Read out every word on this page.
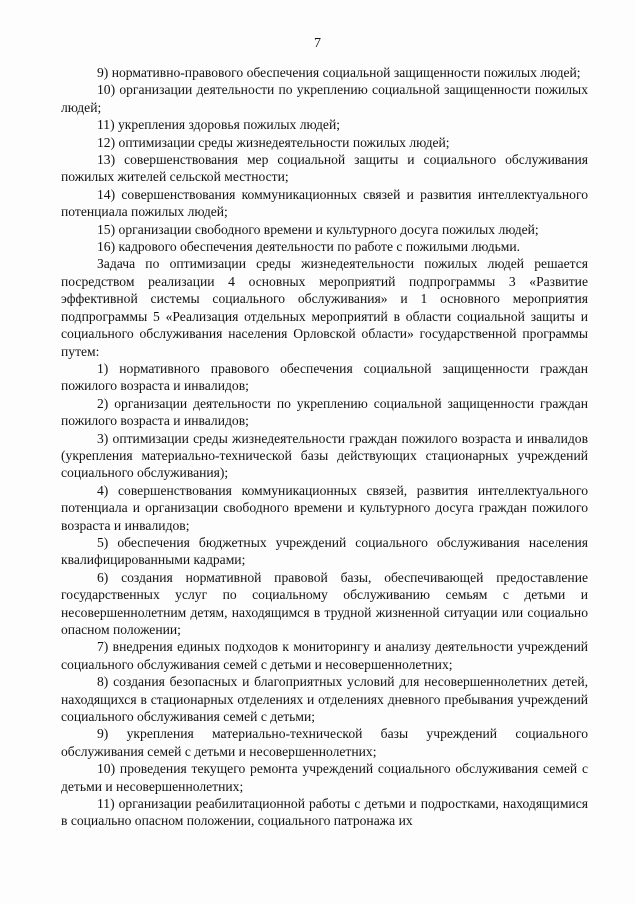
7

9) нормативно-правового обеспечения социальной защищенности пожилых людей;

10) организации деятельности по укреплению социальной защищенности пожилых людей;

11) укрепления здоровья пожилых людей;

12) оптимизации среды жизнедеятельности пожилых людей;

13) совершенствования мер социальной защиты и социального обслуживания пожилых жителей сельской местности;

14) совершенствования коммуникационных связей и развития интеллектуального потенциала пожилых людей;

15) организации свободного времени и культурного досуга пожилых людей;

16) кадрового обеспечения деятельности по работе с пожилыми людьми.

Задача по оптимизации среды жизнедеятельности пожилых людей решается посредством реализации 4 основных мероприятий подпрограммы 3 «Развитие эффективной системы социального обслуживания» и 1 основного мероприятия подпрограммы 5 «Реализация отдельных мероприятий в области социальной защиты и социального обслуживания населения Орловской области» государственной программы путем:

1) нормативного правового обеспечения социальной защищенности граждан пожилого возраста и инвалидов;

2) организации деятельности по укреплению социальной защищенности граждан пожилого возраста и инвалидов;

3) оптимизации среды жизнедеятельности граждан пожилого возраста и инвалидов (укрепления материально-технической базы действующих стационарных учреждений социального обслуживания);

4) совершенствования коммуникационных связей, развития интеллектуального потенциала и организации свободного времени и культурного досуга граждан пожилого возраста и инвалидов;

5) обеспечения бюджетных учреждений социального обслуживания населения квалифицированными кадрами;

6) создания нормативной правовой базы, обеспечивающей предоставление государственных услуг по социальному обслуживанию семьям с детьми и несовершеннолетним детям, находящимся в трудной жизненной ситуации или социально опасном положении;

7) внедрения единых подходов к мониторингу и анализу деятельности учреждений социального обслуживания семей с детьми и несовершеннолетних;

8) создания безопасных и благоприятных условий для несовершеннолетних детей, находящихся в стационарных отделениях и отделениях дневного пребывания учреждений социального обслуживания семей с детьми;

9) укрепления материально-технической базы учреждений социального обслуживания семей с детьми и несовершеннолетних;

10) проведения текущего ремонта учреждений социального обслуживания семей с детьми и несовершеннолетних;

11) организации реабилитационной работы с детьми и подростками, находящимися в социально опасном положении, социального патронажа их
